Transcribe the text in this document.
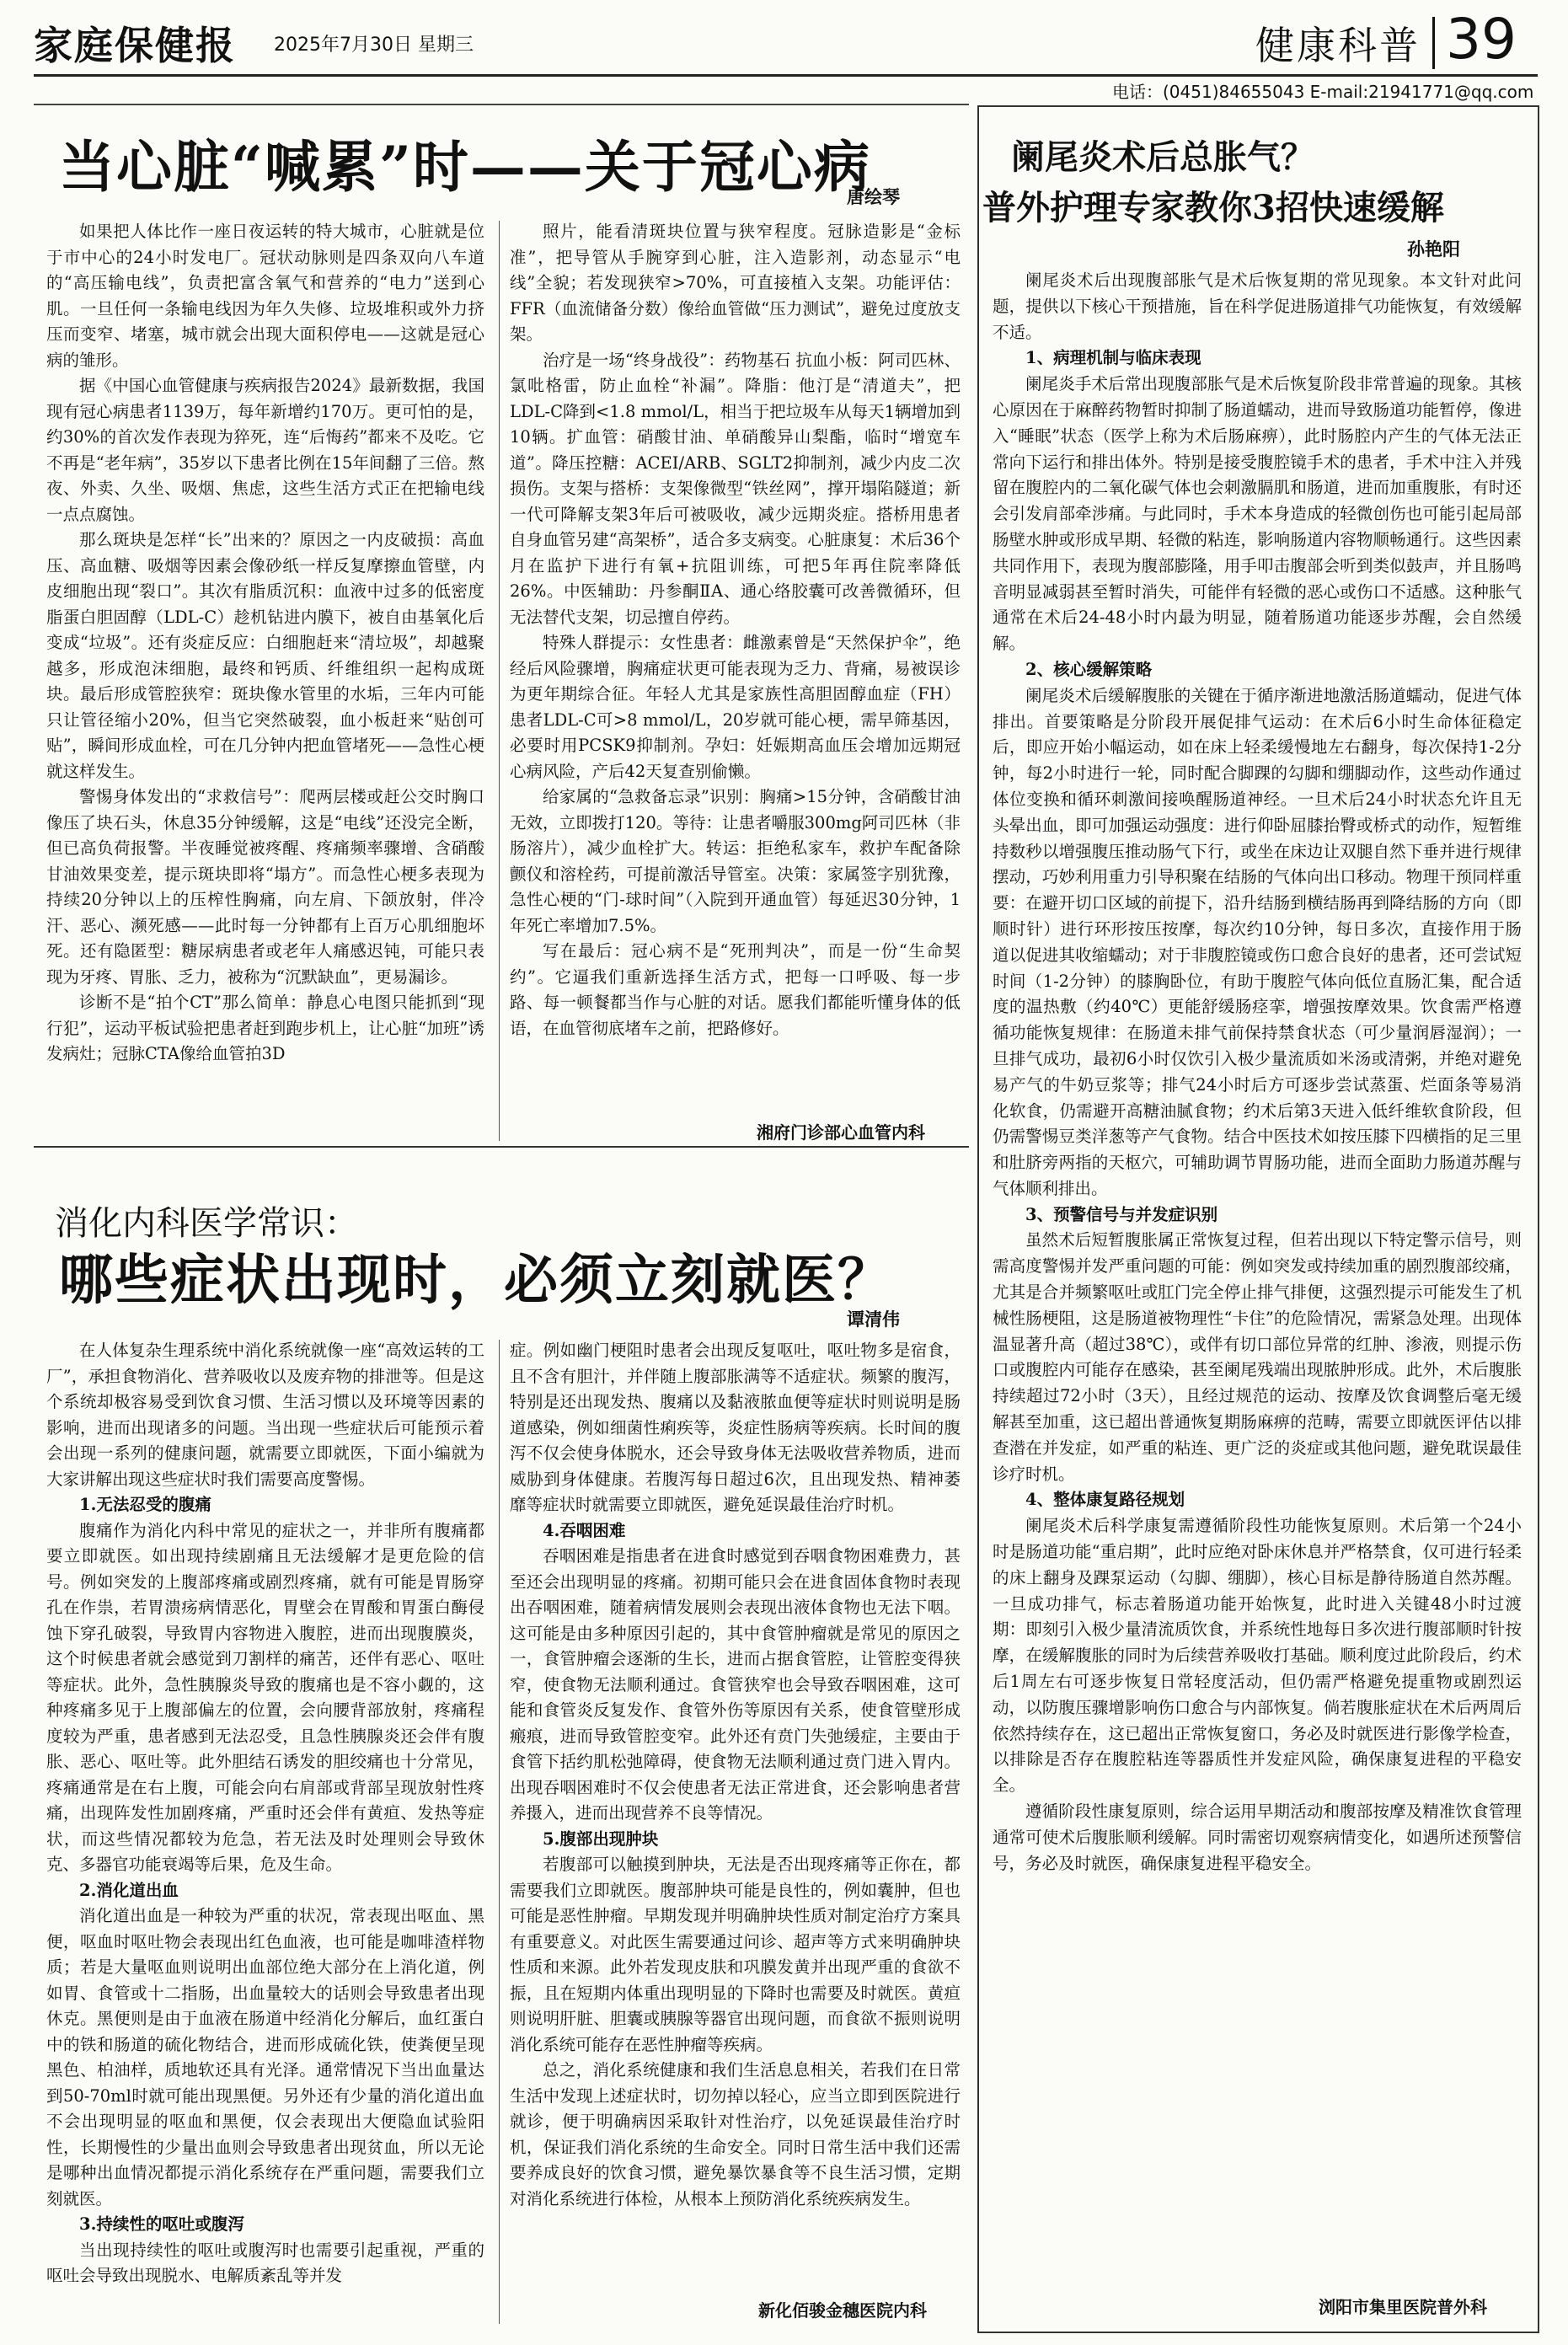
家庭保健报 2025年7月30日 星期三	健康科普 39
电话：(0451)84655043 E-mail:21941771@qq.com
当心脏“喊累”时——关于冠心病
唐绘琴

如果把人体比作一座日夜运转的特大城市，心脏就是位于市中心的24小时发电厂。冠状动脉则是四条双向八车道的“高压输电线”，负责把富含氧气和营养的“电力”送到心肌。一旦任何一条输电线因为年久失修、垃圾堆积或外力挤压而变窄、堵塞，城市就会出现大面积停电——这就是冠心病的雏形。

据《中国心血管健康与疾病报告2024》最新数据，我国现有冠心病患者1139万，每年新增约170万。更可怕的是，约30%的首次发作表现为猝死，连“后悔药”都来不及吃。它不再是“老年病”，35岁以下患者比例在15年间翻了三倍。熬夜、外卖、久坐、吸烟、焦虑，这些生活方式正在把输电线一点点腐蚀。

那么斑块是怎样“长”出来的？原因之一内皮破损：高血压、高血糖、吸烟等因素会像砂纸一样反复摩擦血管壁，内皮细胞出现“裂口”。其次有脂质沉积：血液中过多的低密度脂蛋白胆固醇（LDL-C）趁机钻进内膜下，被自由基氧化后变成“垃圾”。还有炎症反应：白细胞赶来“清垃圾”，却越聚越多，形成泡沫细胞，最终和钙质、纤维组织一起构成斑块。最后形成管腔狭窄：斑块像水管里的水垢，三年内可能只让管径缩小20%，但当它突然破裂，血小板赶来“贴创可贴”，瞬间形成血栓，可在几分钟内把血管堵死——急性心梗就这样发生。

警惕身体发出的“求救信号”：爬两层楼或赶公交时胸口像压了块石头，休息35分钟缓解，这是“电线”还没完全断，但已高负荷报警。半夜睡觉被疼醒、疼痛频率骤增、含硝酸甘油效果变差，提示斑块即将“塌方”。而急性心梗多表现为持续20分钟以上的压榨性胸痛，向左肩、下颌放射，伴冷汗、恶心、濒死感——此时每一分钟都有上百万心肌细胞坏死。还有隐匿型：糖尿病患者或老年人痛感迟钝，可能只表现为牙疼、胃胀、乏力，被称为“沉默缺血”，更易漏诊。

诊断不是“拍个CT”那么简单：静息心电图只能抓到“现行犯”，运动平板试验把患者赶到跑步机上，让心脏“加班”诱发病灶；冠脉CTA像给血管拍3D

照片，能看清斑块位置与狭窄程度。冠脉造影是“金标准”，把导管从手腕穿到心脏，注入造影剂，动态显示“电线”全貌；若发现狭窄>70%，可直接植入支架。功能评估：FFR（血流储备分数）像给血管做“压力测试”，避免过度放支架。

治疗是一场“终身战役”：药物基石 抗血小板：阿司匹林、氯吡格雷，防止血栓“补漏”。降脂：他汀是“清道夫”，把LDL-C降到<1.8 mmol/L，相当于把垃圾车从每天1辆增加到10辆。扩血管：硝酸甘油、单硝酸异山梨酯，临时“增宽车道”。降压控糖：ACEI/ARB、SGLT2抑制剂，减少内皮二次损伤。支架与搭桥：支架像微型“铁丝网”，撑开塌陷隧道；新一代可降解支架3年后可被吸收，减少远期炎症。搭桥用患者自身血管另建“高架桥”，适合多支病变。心脏康复：术后36个月在监护下进行有氧+抗阻训练，可把5年再住院率降低26%。中医辅助：丹参酮ⅡA、通心络胶囊可改善微循环，但无法替代支架，切忌擅自停药。

特殊人群提示：女性患者：雌激素曾是“天然保护伞”，绝经后风险骤增，胸痛症状更可能表现为乏力、背痛，易被误诊为更年期综合征。年轻人尤其是家族性高胆固醇血症（FH）患者LDL-C可>8 mmol/L，20岁就可能心梗，需早筛基因，必要时用PCSK9抑制剂。孕妇：妊娠期高血压会增加远期冠心病风险，产后42天复查别偷懒。

给家属的“急救备忘录”识别：胸痛>15分钟，含硝酸甘油无效，立即拨打120。等待：让患者嚼服300mg阿司匹林（非肠溶片），减少血栓扩大。转运：拒绝私家车，救护车配备除颤仪和溶栓药，可提前激活导管室。决策：家属签字别犹豫，急性心梗的“门-球时间”（入院到开通血管）每延迟30分钟，1年死亡率增加7.5%。

写在最后：冠心病不是“死刑判决”，而是一份“生命契约”。它逼我们重新选择生活方式，把每一口呼吸、每一步路、每一顿餐都当作与心脏的对话。愿我们都能听懂身体的低语，在血管彻底堵车之前，把路修好。

湘府门诊部心血管内科
消化内科医学常识：
哪些症状出现时，必须立刻就医？
谭清伟

在人体复杂生理系统中消化系统就像一座“高效运转的工厂”，承担食物消化、营养吸收以及废弃物的排泄等。但是这个系统却极容易受到饮食习惯、生活习惯以及环境等因素的影响，进而出现诸多的问题。当出现一些症状后可能预示着会出现一系列的健康问题，就需要立即就医，下面小编就为大家讲解出现这些症状时我们需要高度警惕。

1.无法忍受的腹痛

腹痛作为消化内科中常见的症状之一，并非所有腹痛都要立即就医。如出现持续剧痛且无法缓解才是更危险的信号。例如突发的上腹部疼痛或剧烈疼痛，就有可能是胃肠穿孔在作祟，若胃溃疡病情恶化，胃壁会在胃酸和胃蛋白酶侵蚀下穿孔破裂，导致胃内容物进入腹腔，进而出现腹膜炎，这个时候患者就会感觉到刀割样的痛苦，还伴有恶心、呕吐等症状。此外，急性胰腺炎导致的腹痛也是不容小觑的，这种疼痛多见于上腹部偏左的位置，会向腰背部放射，疼痛程度较为严重，患者感到无法忍受，且急性胰腺炎还会伴有腹胀、恶心、呕吐等。此外胆结石诱发的胆绞痛也十分常见，疼痛通常是在右上腹，可能会向右肩部或背部呈现放射性疼痛，出现阵发性加剧疼痛，严重时还会伴有黄疸、发热等症状，而这些情况都较为危急，若无法及时处理则会导致休克、多器官功能衰竭等后果，危及生命。

2.消化道出血

消化道出血是一种较为严重的状况，常表现出呕血、黑便，呕血时呕吐物会表现出红色血液，也可能是咖啡渣样物质；若是大量呕血则说明出血部位绝大部分在上消化道，例如胃、食管或十二指肠，出血量较大的话则会导致患者出现休克。黑便则是由于血液在肠道中经消化分解后，血红蛋白中的铁和肠道的硫化物结合，进而形成硫化铁，使粪便呈现黑色、柏油样，质地软还具有光泽。通常情况下当出血量达到50-70ml时就可能出现黑便。另外还有少量的消化道出血不会出现明显的呕血和黑便，仅会表现出大便隐血试验阳性，长期慢性的少量出血则会导致患者出现贫血，所以无论是哪种出血情况都提示消化系统存在严重问题，需要我们立刻就医。

3.持续性的呕吐或腹泻

当出现持续性的呕吐或腹泻时也需要引起重视，严重的呕吐会导致出现脱水、电解质紊乱等并发

症。例如幽门梗阻时患者会出现反复呕吐，呕吐物多是宿食，且不含有胆汁，并伴随上腹部胀满等不适症状。频繁的腹泻，特别是还出现发热、腹痛以及黏液脓血便等症状时则说明是肠道感染，例如细菌性痢疾等，炎症性肠病等疾病。长时间的腹泻不仅会使身体脱水，还会导致身体无法吸收营养物质，进而威胁到身体健康。若腹泻每日超过6次，且出现发热、精神萎靡等症状时就需要立即就医，避免延误最佳治疗时机。

4.吞咽困难

吞咽困难是指患者在进食时感觉到吞咽食物困难费力，甚至还会出现明显的疼痛。初期可能只会在进食固体食物时表现出吞咽困难，随着病情发展则会表现出液体食物也无法下咽。这可能是由多种原因引起的，其中食管肿瘤就是常见的原因之一，食管肿瘤会逐渐的生长，进而占据食管腔，让管腔变得狭窄，使食物无法顺利通过。食管狭窄也会导致吞咽困难，这可能和食管炎反复发作、食管外伤等原因有关系，使食管壁形成瘢痕，进而导致管腔变窄。此外还有贲门失弛缓症，主要由于食管下括约肌松弛障碍，使食物无法顺利通过贲门进入胃内。出现吞咽困难时不仅会使患者无法正常进食，还会影响患者营养摄入，进而出现营养不良等情况。

5.腹部出现肿块

若腹部可以触摸到肿块，无法是否出现疼痛等正你在，都需要我们立即就医。腹部肿块可能是良性的，例如囊肿，但也可能是恶性肿瘤。早期发现并明确肿块性质对制定治疗方案具有重要意义。对此医生需要通过问诊、超声等方式来明确肿块性质和来源。此外若发现皮肤和巩膜发黄并出现严重的食欲不振，且在短期内体重出现明显的下降时也需要及时就医。黄疸则说明肝脏、胆囊或胰腺等器官出现问题，而食欲不振则说明消化系统可能存在恶性肿瘤等疾病。

总之，消化系统健康和我们生活息息相关，若我们在日常生活中发现上述症状时，切勿掉以轻心，应当立即到医院进行就诊，便于明确病因采取针对性治疗，以免延误最佳治疗时机，保证我们消化系统的生命安全。同时日常生活中我们还需要养成良好的饮食习惯，避免暴饮暴食等不良生活习惯，定期对消化系统进行体检，从根本上预防消化系统疾病发生。

新化佰骏金穗医院内科
阑尾炎术后总胀气？
普外护理专家教你3招快速缓解
孙艳阳

阑尾炎术后出现腹部胀气是术后恢复期的常见现象。本文针对此问题，提供以下核心干预措施，旨在科学促进肠道排气功能恢复，有效缓解不适。

1、病理机制与临床表现

阑尾炎手术后常出现腹部胀气是术后恢复阶段非常普遍的现象。其核心原因在于麻醉药物暂时抑制了肠道蠕动，进而导致肠道功能暂停，像进入“睡眠”状态（医学上称为术后肠麻痹），此时肠腔内产生的气体无法正常向下运行和排出体外。特别是接受腹腔镜手术的患者，手术中注入并残留在腹腔内的二氧化碳气体也会刺激膈肌和肠道，进而加重腹胀，有时还会引发肩部牵涉痛。与此同时，手术本身造成的轻微创伤也可能引起局部肠壁水肿或形成早期、轻微的粘连，影响肠道内容物顺畅通行。这些因素共同作用下，表现为腹部膨隆，用手叩击腹部会听到类似鼓声，并且肠鸣音明显减弱甚至暂时消失，可能伴有轻微的恶心或伤口不适感。这种胀气通常在术后24-48小时内最为明显，随着肠道功能逐步苏醒，会自然缓解。

2、核心缓解策略

阑尾炎术后缓解腹胀的关键在于循序渐进地激活肠道蠕动，促进气体排出。首要策略是分阶段开展促排气运动：在术后6小时生命体征稳定后，即应开始小幅运动，如在床上轻柔缓慢地左右翻身，每次保持1-2分钟，每2小时进行一轮，同时配合脚踝的勾脚和绷脚动作，这些动作通过体位变换和循环刺激间接唤醒肠道神经。一旦术后24小时状态允许且无头晕出血，即可加强运动强度：进行仰卧屈膝抬臀或桥式的动作，短暂维持数秒以增强腹压推动肠气下行，或坐在床边让双腿自然下垂并进行规律摆动，巧妙利用重力引导积聚在结肠的气体向出口移动。物理干预同样重要：在避开切口区域的前提下，沿升结肠到横结肠再到降结肠的方向（即顺时针）进行环形按压按摩，每次约10分钟，每日多次，直接作用于肠道以促进其收缩蠕动；对于非腹腔镜或伤口愈合良好的患者，还可尝试短时间（1-2分钟）的膝胸卧位，有助于腹腔气体向低位直肠汇集，配合适度的温热敷（约40℃）更能舒缓肠痉挛，增强按摩效果。饮食需严格遵循功能恢复规律：在肠道未排气前保持禁食状态（可少量润唇湿润）；一旦排气成功，最初6小时仅饮引入极少量流质如米汤或清粥，并绝对避免易产气的牛奶豆浆等；排气24小时后方可逐步尝试蒸蛋、烂面条等易消化软食，仍需避开高糖油腻食物；约术后第3天进入低纤维软食阶段，但仍需警惕豆类洋葱等产气食物。结合中医技术如按压膝下四横指的足三里和肚脐旁两指的天枢穴，可辅助调节胃肠功能，进而全面助力肠道苏醒与气体顺利排出。

3、预警信号与并发症识别

虽然术后短暂腹胀属正常恢复过程，但若出现以下特定警示信号，则需高度警惕并发严重问题的可能：例如突发或持续加重的剧烈腹部绞痛，尤其是合并频繁呕吐或肛门完全停止排气排便，这强烈提示可能发生了机械性肠梗阻，这是肠道被物理性“卡住”的危险情况，需紧急处理。出现体温显著升高（超过38℃），或伴有切口部位异常的红肿、渗液，则提示伤口或腹腔内可能存在感染，甚至阑尾残端出现脓肿形成。此外，术后腹胀持续超过72小时（3天），且经过规范的运动、按摩及饮食调整后毫无缓解甚至加重，这已超出普通恢复期肠麻痹的范畴，需要立即就医评估以排查潜在并发症，如严重的粘连、更广泛的炎症或其他问题，避免耽误最佳诊疗时机。

4、整体康复路径规划

阑尾炎术后科学康复需遵循阶段性功能恢复原则。术后第一个24小时是肠道功能“重启期”，此时应绝对卧床休息并严格禁食，仅可进行轻柔的床上翻身及踝泵运动（勾脚、绷脚），核心目标是静待肠道自然苏醒。一旦成功排气，标志着肠道功能开始恢复，此时进入关键48小时过渡期：即刻引入极少量清流质饮食，并系统性地每日多次进行腹部顺时针按摩，在缓解腹胀的同时为后续营养吸收打基础。顺利度过此阶段后，约术后1周左右可逐步恢复日常轻度活动，但仍需严格避免提重物或剧烈运动，以防腹压骤增影响伤口愈合与内部恢复。倘若腹胀症状在术后两周后依然持续存在，这已超出正常恢复窗口，务必及时就医进行影像学检查，以排除是否存在腹腔粘连等器质性并发症风险，确保康复进程的平稳安全。

遵循阶段性康复原则，综合运用早期活动和腹部按摩及精准饮食管理通常可使术后腹胀顺利缓解。同时需密切观察病情变化，如遇所述预警信号，务必及时就医，确保康复进程平稳安全。

浏阳市集里医院普外科
